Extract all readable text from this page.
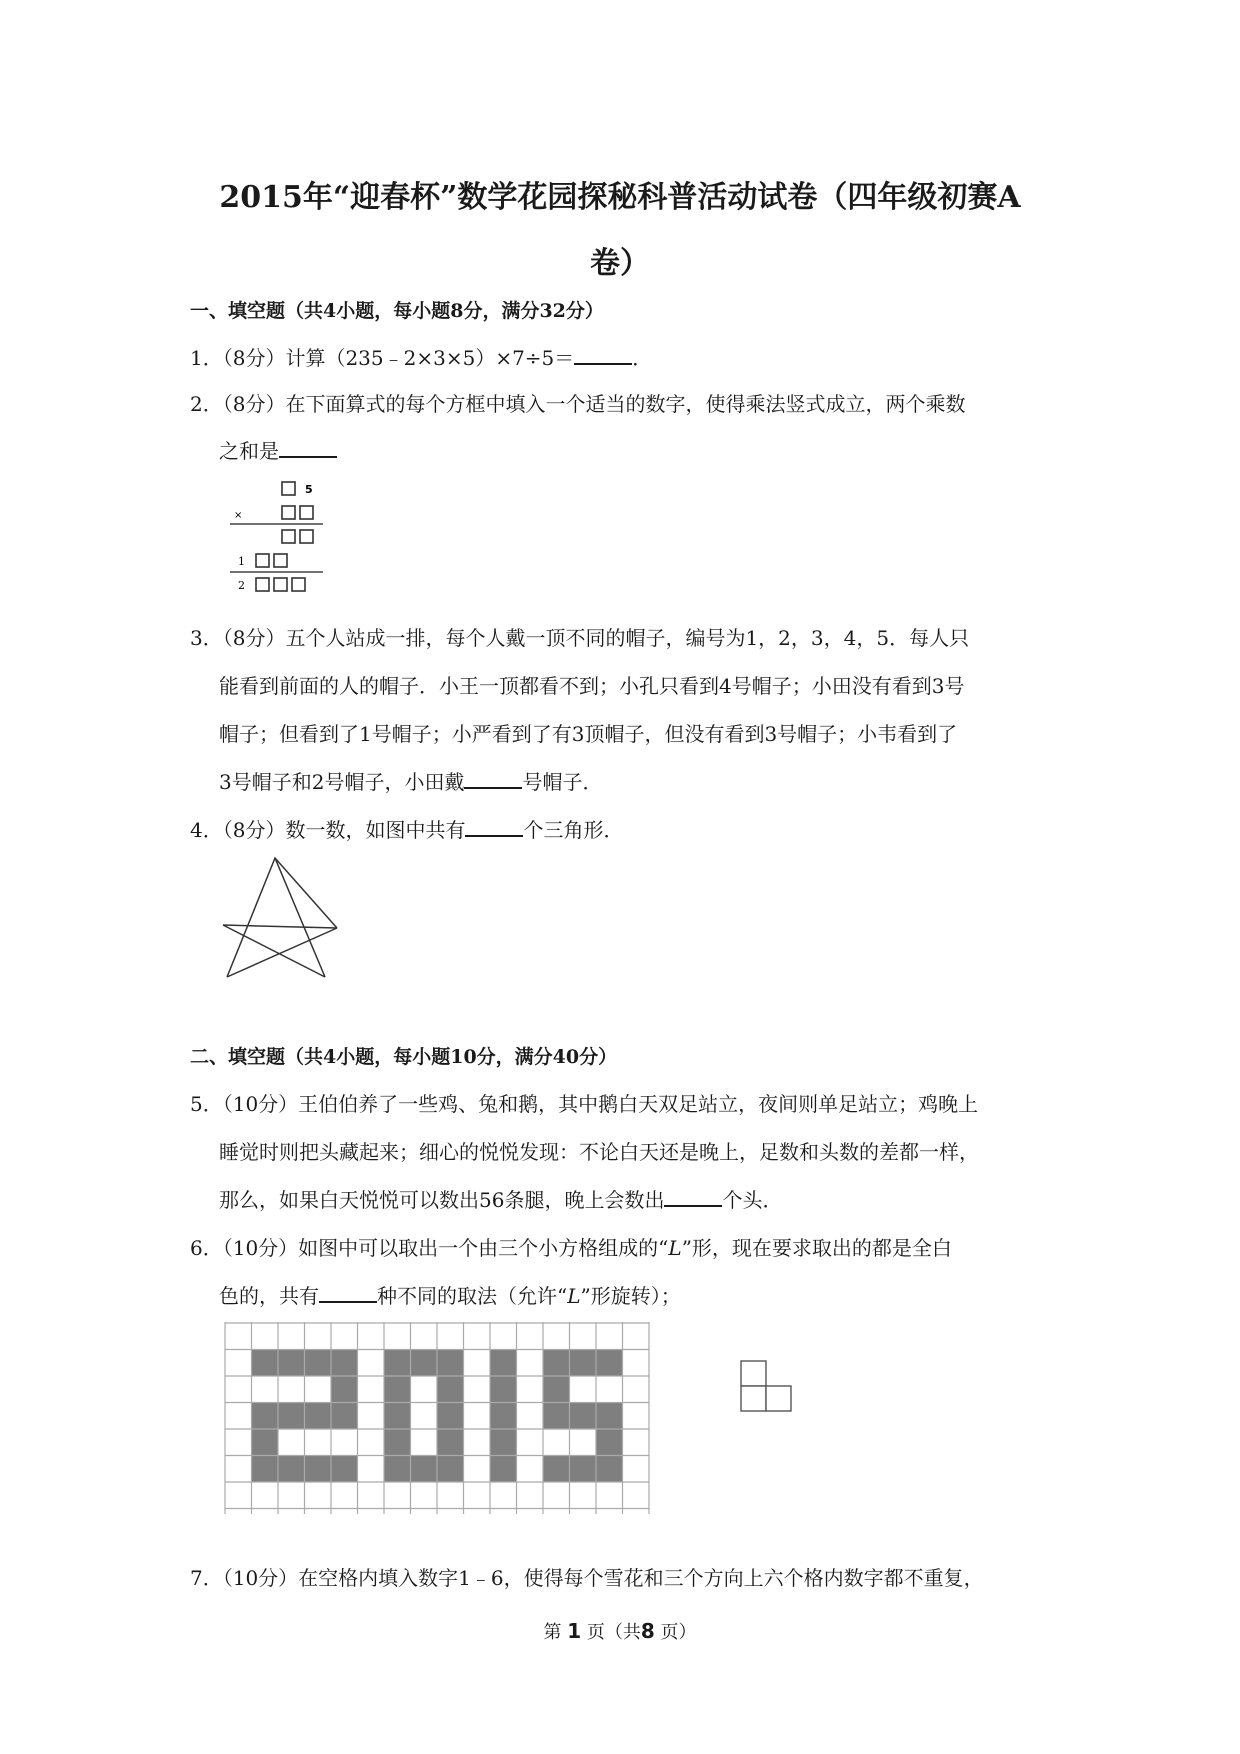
2015年“迎春杯”数学花园探秘科普活动试卷（四年级初赛A
卷）
一、填空题（共4小题，每小题8分，满分32分）
1．（8分）计算（235﹣2×3×5）×7÷5＝	．
2．（8分）在下面算式的每个方框中填入一个适当的数字，使得乘法竖式成立，两个乘数
之和是
5
×
1
2
3．（8分）五个人站成一排，每个人戴一顶不同的帽子，编号为1，2，3，4，5．每人只
能看到前面的人的帽子．小王一顶都看不到；小孔只看到4号帽子；小田没有看到3号
帽子；但看到了1号帽子；小严看到了有3顶帽子，但没有看到3号帽子；小韦看到了
3号帽子和2号帽子，小田戴	号帽子．
4．（8分）数一数，如图中共有	个三角形．
二、填空题（共4小题，每小题10分，满分40分）
5．（10分）王伯伯养了一些鸡、兔和鹅，其中鹅白天双足站立，夜间则单足站立；鸡晚上
睡觉时则把头藏起来；细心的悦悦发现：不论白天还是晚上，足数和头数的差都一样，
那么，如果白天悦悦可以数出56条腿，晚上会数出	个头．
6．（10分）如图中可以取出一个由三个小方格组成的“L”形，现在要求取出的都是全白
色的，共有	种不同的取法（允许“L”形旋转）；
7．（10分）在空格内填入数字1﹣6，使得每个雪花和三个方向上六个格内数字都不重复，
第 1 页（共8 页）
